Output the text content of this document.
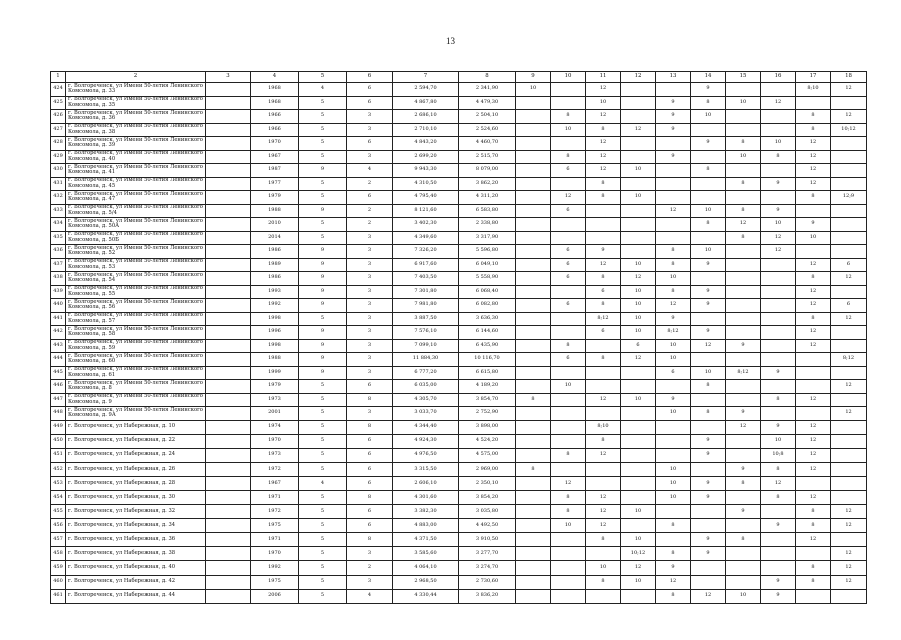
13
1	2	3	4	5	6	7	8	9	10	11	12	13	14	15	16	17	18
424	г. Волгореченск, ул Имени 50-летия Ленинского Комсомола, д. 33		1968	4	6	2 594,70	2 341,90	10		12			9			8;10	12
425	г. Волгореченск, ул Имени 50-летия Ленинского Комсомола, д. 35		1968	5	6	4 867,80	4 479,30			10		9	8	10	12		
426	г. Волгореченск, ул Имени 50-летия Ленинского Комсомола, д. 36		1966	5	3	2 686,10	2 504,10		8	12		9	10			8	12
427	г. Волгореченск, ул Имени 50-летия Ленинского Комсомола, д. 38		1966	5	3	2 710,10	2 524,60		10	8	12	9				8	10;12
428	г. Волгореченск, ул Имени 50-летия Ленинского Комсомола, д. 39		1970	5	6	4 843,20	4 460,70			12			9	8	10	12	
429	г. Волгореченск, ул Имени 50-летия Ленинского Комсомола, д. 40		1967	5	3	2 699,20	2 515,70		8	12		9		10	8	12	
430	г. Волгореченск, ул Имени 50-летия Ленинского Комсомола, д. 41		1987	9	4	9 943,30	8 079,00		6	12	10		8			12	
431	г. Волгореченск, ул Имени 50-летия Ленинского Комсомола, д. 45		1977	5	2	4 310,50	3 862,20			8				8	9	12	
432	г. Волгореченск, ул Имени 50-летия Ленинского Комсомола, д. 47		1979	5	6	4 795,40	4 311,20		12	8	10					8	12;9
433	г. Волгореченск, ул Имени 50-летия Ленинского Комсомола, д. 5/4		1988	9	2	8 121,60	6 583,80		6			12	10	8	9		
434	г. Волгореченск, ул Имени 50-летия Ленинского Комсомола, д. 50А		2010	5	2	3 402,30	2 338,80						8	12	10	9	
435	г. Волгореченск, ул Имени 50-летия Ленинского Комсомола, д. 50Б		2014	5	3	4 349,60	3 317,90							8	12	10	
436	г. Волгореченск, ул Имени 50-летия Ленинского Комсомола, д. 52		1986	9	3	7 326,20	5 596,80		6	9		8	10		12		
437	г. Волгореченск, ул Имени 50-летия Ленинского Комсомола, д. 53		1989	9	3	6 917,60	6 049,10		6	12	10	8	9			12	6
438	г. Волгореченск, ул Имени 50-летия Ленинского Комсомола, д. 54		1986	9	3	7 403,50	5 558,90		6	8	12	10				8	12
439	г. Волгореченск, ул Имени 50-летия Ленинского Комсомола, д. 55		1993	9	3	7 301,80	6 068,40			6	10	8	9			12	
440	г. Волгореченск, ул Имени 50-летия Ленинского Комсомола, д. 56		1992	9	3	7 981,80	6 082,80		6	8	10	12	9			12	6
441	г. Волгореченск, ул Имени 50-летия Ленинского Комсомола, д. 57		1998	5	3	3 887,50	3 636,30			8;12	10	9				8	12
442	г. Волгореченск, ул Имени 50-летия Ленинского Комсомола, д. 58		1996	9	3	7 576,10	6 144,60			6	10	8;12	9			12	
443	г. Волгореченск, ул Имени 50-летия Ленинского Комсомола, д. 59		1998	9	3	7 099,10	6 435,90		8		6	10	12	9		12	
444	г. Волгореченск, ул Имени 50-летия Ленинского Комсомола, д. 60		1988	9	3	11 884,30	10 116,70		6	8	12	10					8;12
445	г. Волгореченск, ул Имени 50-летия Ленинского Комсомола, д. 61		1999	9	3	6 777,20	6 615,80					6	10	8;12	9		
446	г. Волгореченск, ул Имени 50-летия Ленинского Комсомола, д. 8		1979	5	6	6 035,00	4 189,20		10				8				12
447	г. Волгореченск, ул Имени 50-летия Ленинского Комсомола, д. 9		1973	5	8	4 305,70	3 854,70	8		12	10	9			8	12	
448	г. Волгореченск, ул Имени 50-летия Ленинского Комсомола, д. 9А		2001	5	3	3 033,70	2 752,90					10	8	9			12
449	г. Волгореченск, ул Набережная, д. 10		1974	5	8	4 344,40	3 898,00			8;10				12	9	12	
450	г. Волгореченск, ул Набережная, д. 22		1970	5	6	4 924,30	4 524,20			8			9		10	12	
451	г. Волгореченск, ул Набережная, д. 24		1973	5	6	4 976,50	4 575,00		8	12			9		10;8	12	
452	г. Волгореченск, ул Набережная, д. 26		1972	5	6	3 315,50	2 969,00	8				10		9	8	12	
453	г. Волгореченск, ул Набережная, д. 28		1967	4	6	2 606,10	2 350,10		12			10	9	8	12		
454	г. Волгореченск, ул Набережная, д. 30		1971	5	8	4 301,60	3 854,20		8	12		10	9		8	12	
455	г. Волгореченск, ул Набережная, д. 32		1972	5	6	3 382,30	3 035,80		8	12	10			9		8	12
456	г. Волгореченск, ул Набережная, д. 34		1975	5	6	4 883,00	4 492,50		10	12		8			9	8	12
457	г. Волгореченск, ул Набережная, д. 36		1971	5	8	4 371,50	3 910,50			8	10		9	8		12	
458	г. Волгореченск, ул Набережная, д. 38		1970	5	3	3 585,60	3 277,70				10;12	8	9				12
459	г. Волгореченск, ул Набережная, д. 40		1992	5	2	4 064,10	3 274,70			10	12	9				8	12
460	г. Волгореченск, ул Набережная, д. 42		1975	5	3	2 968,50	2 730,60			8	10	12			9	8	12
461	г. Волгореченск, ул Набережная, д. 44		2006	5	4	4 330,44	3 836,20					8	12	10	9		
